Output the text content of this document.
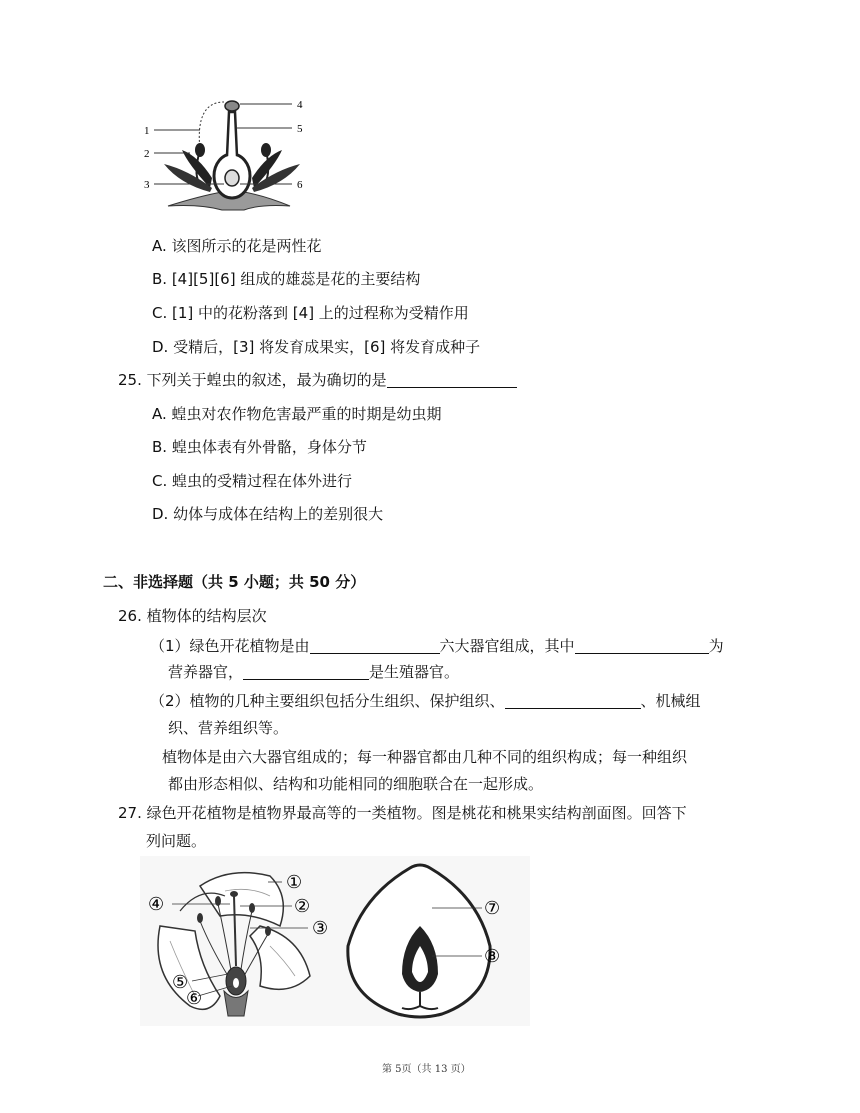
1
2
3
4
5
6
A. 该图所示的花是两性花
B. [4][5][6] 组成的雄蕊是花的主要结构
C. [1] 中的花粉落到 [4] 上的过程称为受精作用
D. 受精后，[3] 将发育成果实，[6] 将发育成种子
25. 下列关于蝗虫的叙述，最为确切的是
A. 蝗虫对农作物危害最严重的时期是幼虫期
B. 蝗虫体表有外骨骼，身体分节
C. 蝗虫的受精过程在体外进行
D. 幼体与成体在结构上的差别很大
二、非选择题（共 5 小题；共 50 分）
26. 植物体的结构层次
（1）绿色开花植物是由	六大器官组成，其中	为
营养器官，	是生殖器官。
（2）植物的几种主要组织包括分生组织、保护组织、	、机械组
织、营养组织等。
植物体是由六大器官组成的；每一种器官都由几种不同的组织构成；每一种组织
都由形态相似、结构和功能相同的细胞联合在一起形成。
27. 绿色开花植物是植物界最高等的一类植物。图是桃花和桃果实结构剖面图。回答下
列问题。
①
②
③
④
⑤
⑥
⑦
⑧
第 5页（共 13 页）
